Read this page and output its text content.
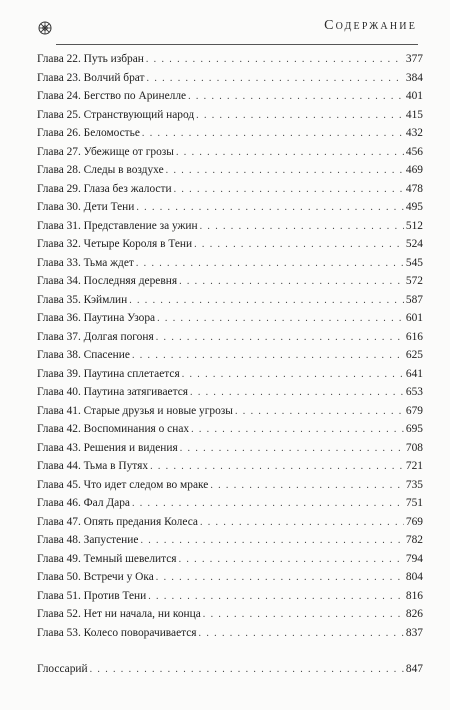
Содержание
Глава 22. Путь избран . . .	377
Глава 23. Волчий брат . . .	384
Глава 24. Бегство по Аринелле . . .	401
Глава 25. Странствующий народ . . .	415
Глава 26. Беломостье . . .	432
Глава 27. Убежище от грозы . . .	456
Глава 28. Следы в воздухе . . .	469
Глава 29. Глаза без жалости . . .	478
Глава 30. Дети Тени . . .	495
Глава 31. Представление за ужин . . .	512
Глава 32. Четыре Короля в Тени . . .	524
Глава 33. Тьма ждет . . .	545
Глава 34. Последняя деревня . . .	572
Глава 35. Кэймлин . . .	587
Глава 36. Паутина Узора . . .	601
Глава 37. Долгая погоня . . .	616
Глава 38. Спасение . . .	625
Глава 39. Паутина сплетается . . .	641
Глава 40. Паутина затягивается . . .	653
Глава 41. Старые друзья и новые угрозы . . .	679
Глава 42. Воспоминания о снах . . .	695
Глава 43. Решения и видения . . .	708
Глава 44. Тьма в Путях . . .	721
Глава 45. Что идет следом во мраке . . .	735
Глава 46. Фал Дара . . .	751
Глава 47. Опять предания Колеса . . .	769
Глава 48. Запустение . . .	782
Глава 49. Темный шевелится . . .	794
Глава 50. Встречи у Ока . . .	804
Глава 51. Против Тени . . .	816
Глава 52. Нет ни начала, ни конца . . .	826
Глава 53. Колесо поворачивается . . .	837
Глоссарий . . .	847
